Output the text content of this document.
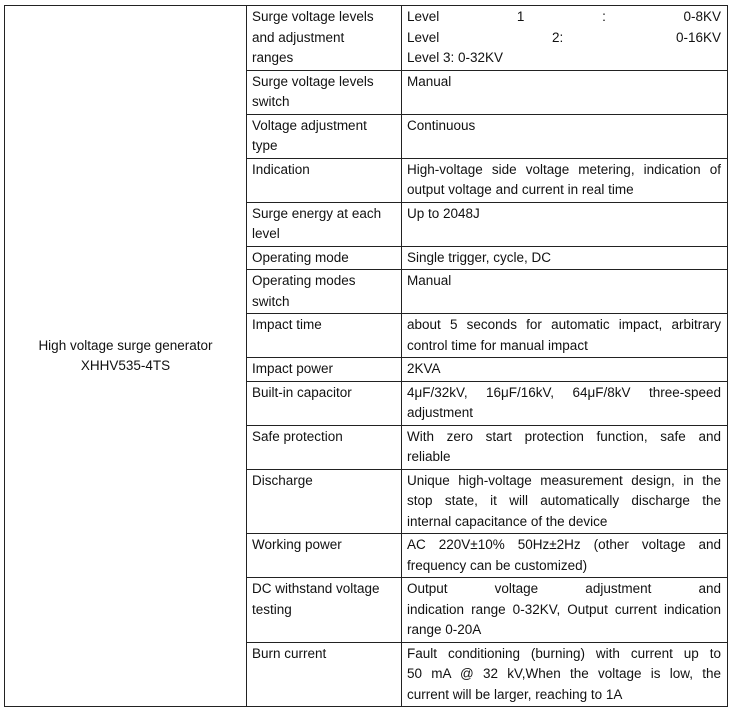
High voltage surge generator
XHHV535-4TS	Surge voltage levels
and adjustment
ranges	Level 1 : 0-8KV
Level 2: 0-16KV
Level 3: 0-32KV

	Surge voltage levels
switch	Manual

	Voltage adjustment
type	Continuous

	Indication	High-voltage side voltage metering, indication of
output voltage and current in real time

	Surge energy at each
level	Up to 2048J

	Operating mode	Single trigger, cycle, DC

	Operating modes
switch	Manual

	Impact time	about 5 seconds for automatic impact, arbitrary
control time for manual impact

	Impact power	2KVA

	Built-in capacitor	4μF/32kV, 16μF/16kV, 64μF/8kV three-speed
adjustment

	Safe protection	With zero start protection function, safe and
reliable

	Discharge	Unique high-voltage measurement design, in the
stop state, it will automatically discharge the
internal capacitance of the device

	Working power	AC 220V±10% 50Hz±2Hz (other voltage and
frequency can be customized)

	DC withstand voltage
testing	Output voltage adjustment and
indication range 0-32KV, Output current indication
range 0-20A

	Burn current	Fault conditioning (burning) with current up to
50 mA @ 32 kV,When the voltage is low, the
current will be larger, reaching to 1A
